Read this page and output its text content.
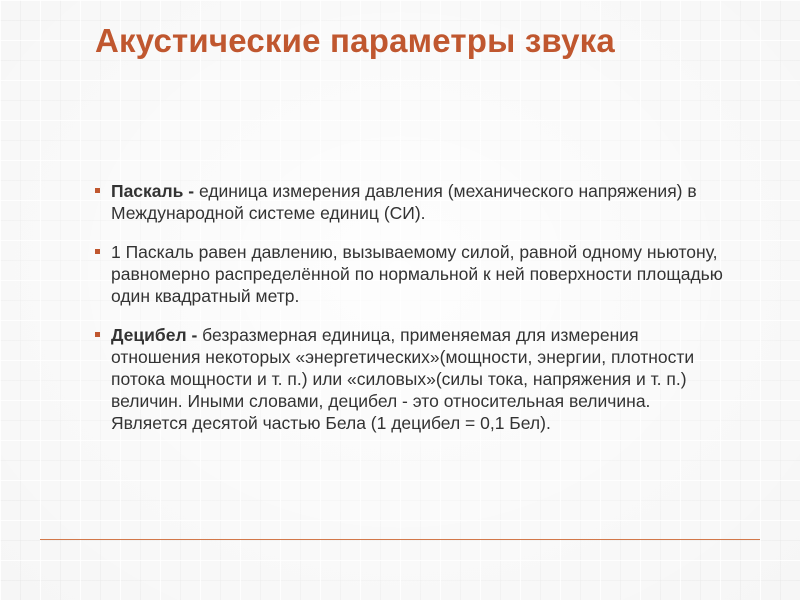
Акустические параметры звука
Паскаль - единица измерения давления (механического напряжения) в Международной системе единиц (СИ).
1 Паскаль равен давлению, вызываемому силой, равной одному ньютону, равномерно распределённой по нормальной к ней поверхности площадью один квадратный метр.
Децибел - безразмерная единица, применяемая для измерения отношения некоторых «энергетических»(мощности, энергии, плотности потока мощности и т. п.) или «силовых»(силы тока, напряжения и т. п.) величин. Иными словами, децибел - это относительная величина. Является десятой частью Бела (1 децибел = 0,1 Бел).
